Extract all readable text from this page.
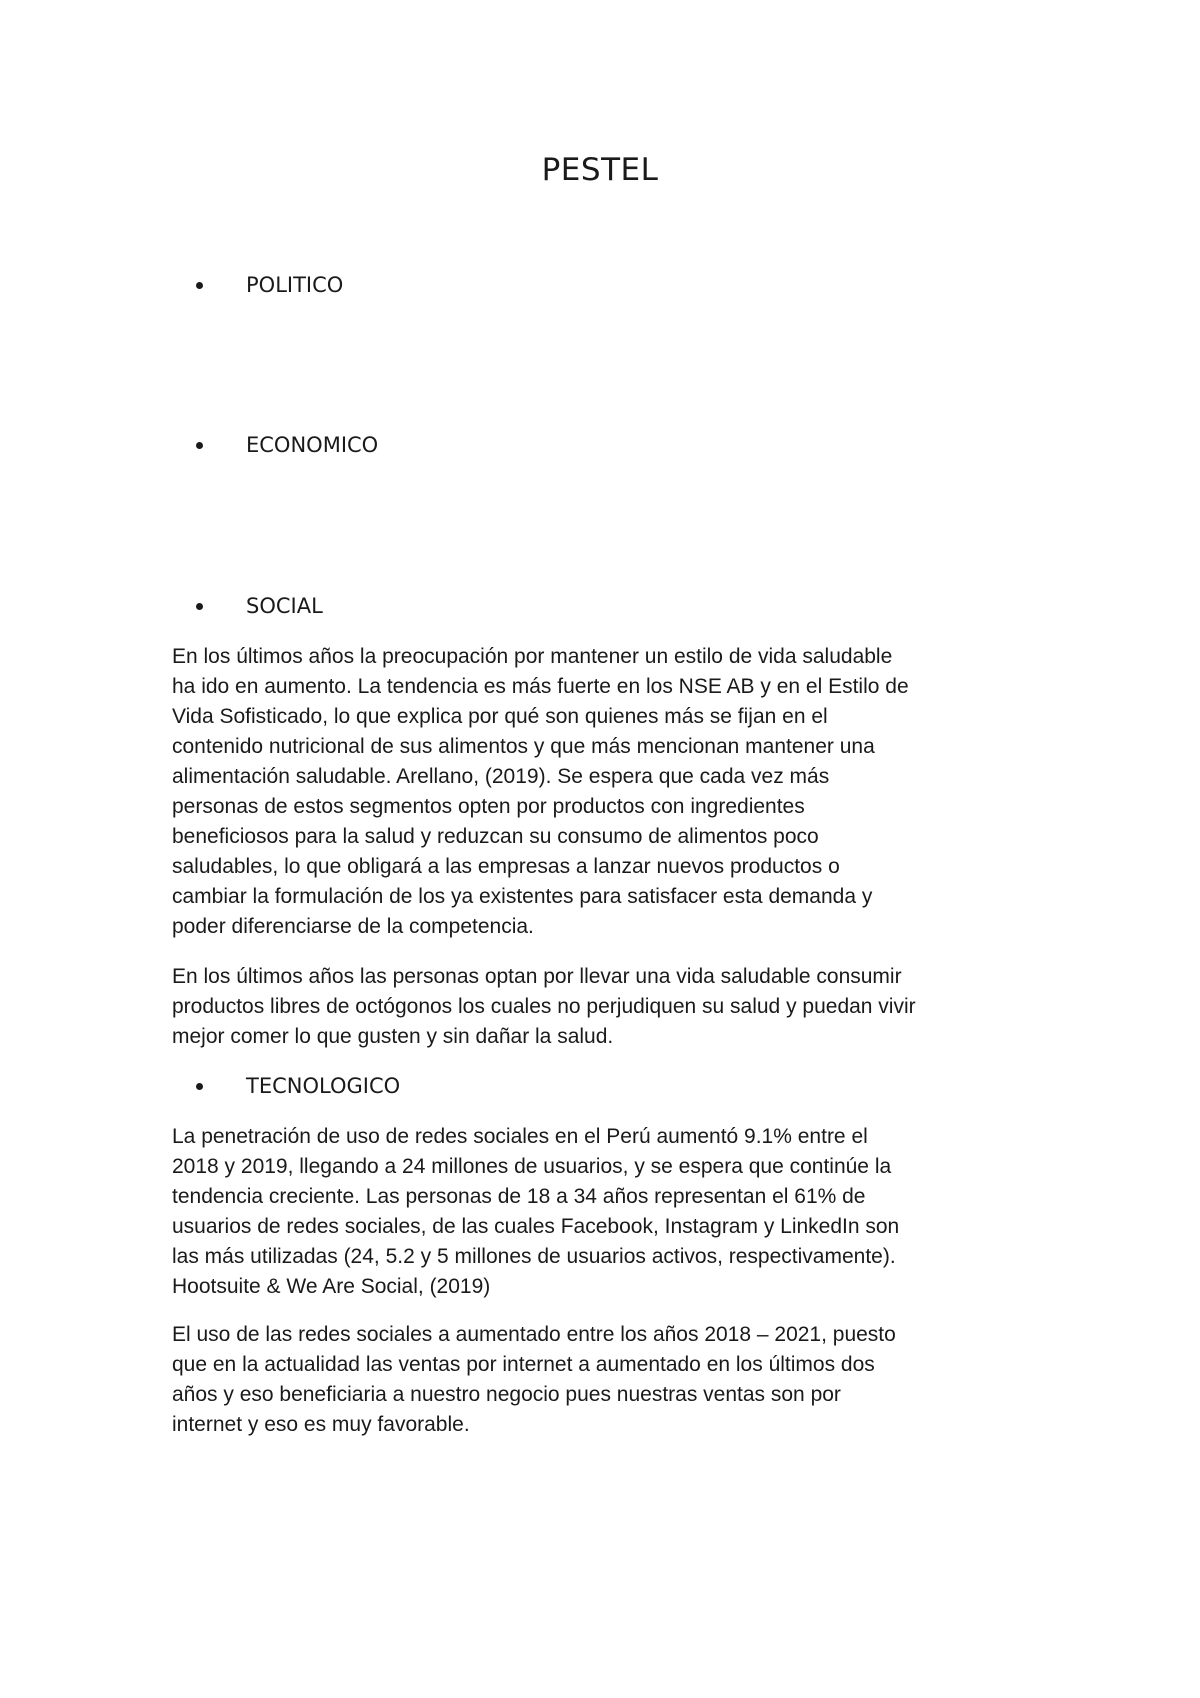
PESTEL
POLITICO
ECONOMICO
SOCIAL

En los últimos años la preocupación por mantener un estilo de vida saludable
ha ido en aumento. La tendencia es más fuerte en los NSE AB y en el Estilo de
Vida Sofisticado, lo que explica por qué son quienes más se fijan en el
contenido nutricional de sus alimentos y que más mencionan mantener una
alimentación saludable. Arellano, (2019). Se espera que cada vez más
personas de estos segmentos opten por productos con ingredientes
beneficiosos para la salud y reduzcan su consumo de alimentos poco
saludables, lo que obligará a las empresas a lanzar nuevos productos o
cambiar la formulación de los ya existentes para satisfacer esta demanda y
poder diferenciarse de la competencia.

En los últimos años las personas optan por llevar una vida saludable consumir
productos libres de octógonos los cuales no perjudiquen su salud y puedan vivir
mejor comer lo que gusten y sin dañar la salud.

TECNOLOGICO

La penetración de uso de redes sociales en el Perú aumentó 9.1% entre el
2018 y 2019, llegando a 24 millones de usuarios, y se espera que continúe la
tendencia creciente. Las personas de 18 a 34 años representan el 61% de
usuarios de redes sociales, de las cuales Facebook, Instagram y LinkedIn son
las más utilizadas (24, 5.2 y 5 millones de usuarios activos, respectivamente).
Hootsuite & We Are Social, (2019)

El uso de las redes sociales a aumentado entre los años 2018 – 2021, puesto
que en la actualidad las ventas por internet a aumentado en los últimos dos
años y eso beneficiaria a nuestro negocio pues nuestras ventas son por
internet y eso es muy favorable.
